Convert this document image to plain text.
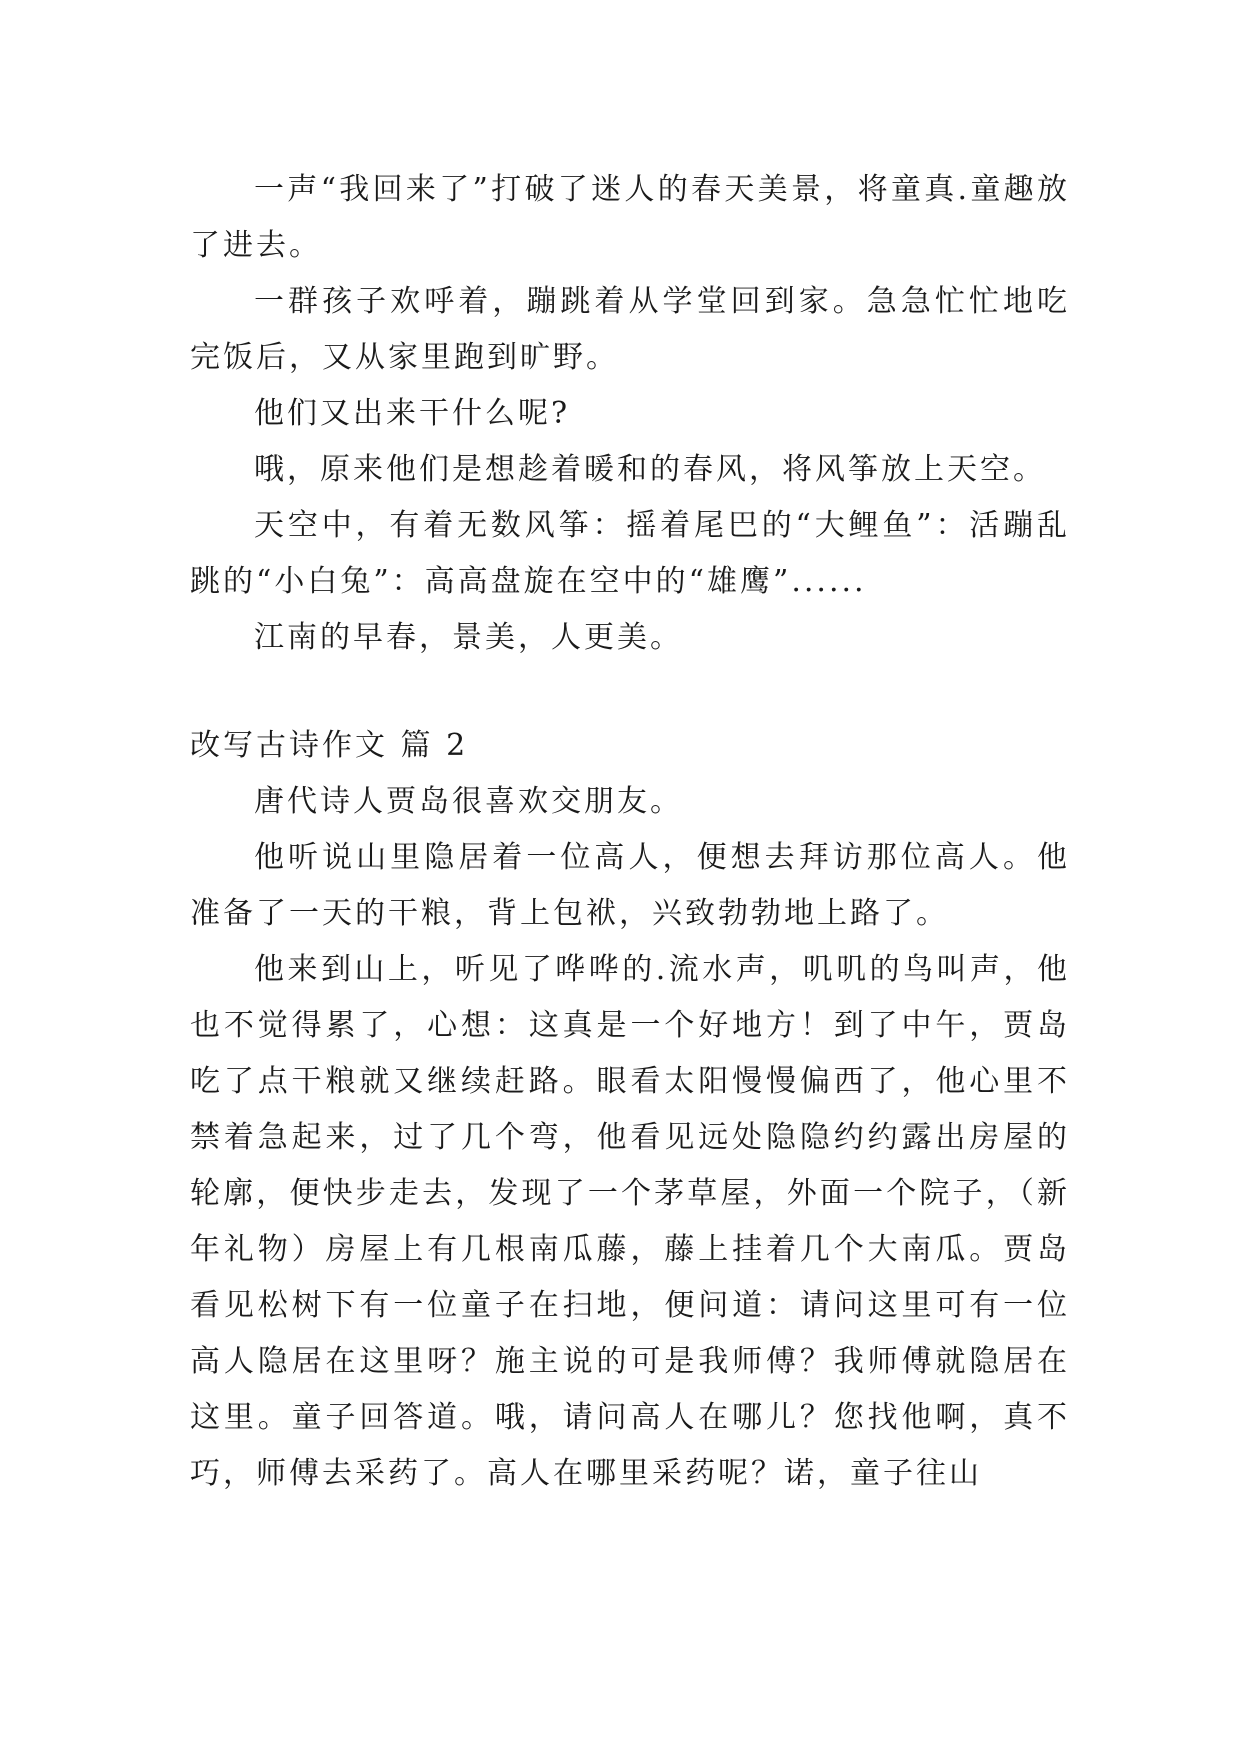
一声“我回来了”打破了迷人的春天美景，将童真.童趣放了进去。

一群孩子欢呼着，蹦跳着从学堂回到家。急急忙忙地吃完饭后，又从家里跑到旷野。

他们又出来干什么呢?

哦，原来他们是想趁着暖和的春风，将风筝放上天空。

天空中，有着无数风筝：摇着尾巴的“大鲤鱼”：活蹦乱跳的“小白兔”：高高盘旋在空中的“雄鹰”......

江南的早春，景美，人更美。

改写古诗作文 篇 2

唐代诗人贾岛很喜欢交朋友。

他听说山里隐居着一位高人，便想去拜访那位高人。他准备了一天的干粮，背上包袱，兴致勃勃地上路了。

他来到山上，听见了哗哗的.流水声，叽叽的鸟叫声，他也不觉得累了，心想：这真是一个好地方！到了中午，贾岛吃了点干粮就又继续赶路。眼看太阳慢慢偏西了，他心里不禁着急起来，过了几个弯，他看见远处隐隐约约露出房屋的轮廓，便快步走去，发现了一个茅草屋，外面一个院子，（新年礼物）房屋上有几根南瓜藤，藤上挂着几个大南瓜。贾岛看见松树下有一位童子在扫地，便问道：请问这里可有一位高人隐居在这里呀？施主说的可是我师傅？我师傅就隐居在这里。童子回答道。哦，请问高人在哪儿？您找他啊，真不巧，师傅去采药了。高人在哪里采药呢？诺，童子往山
